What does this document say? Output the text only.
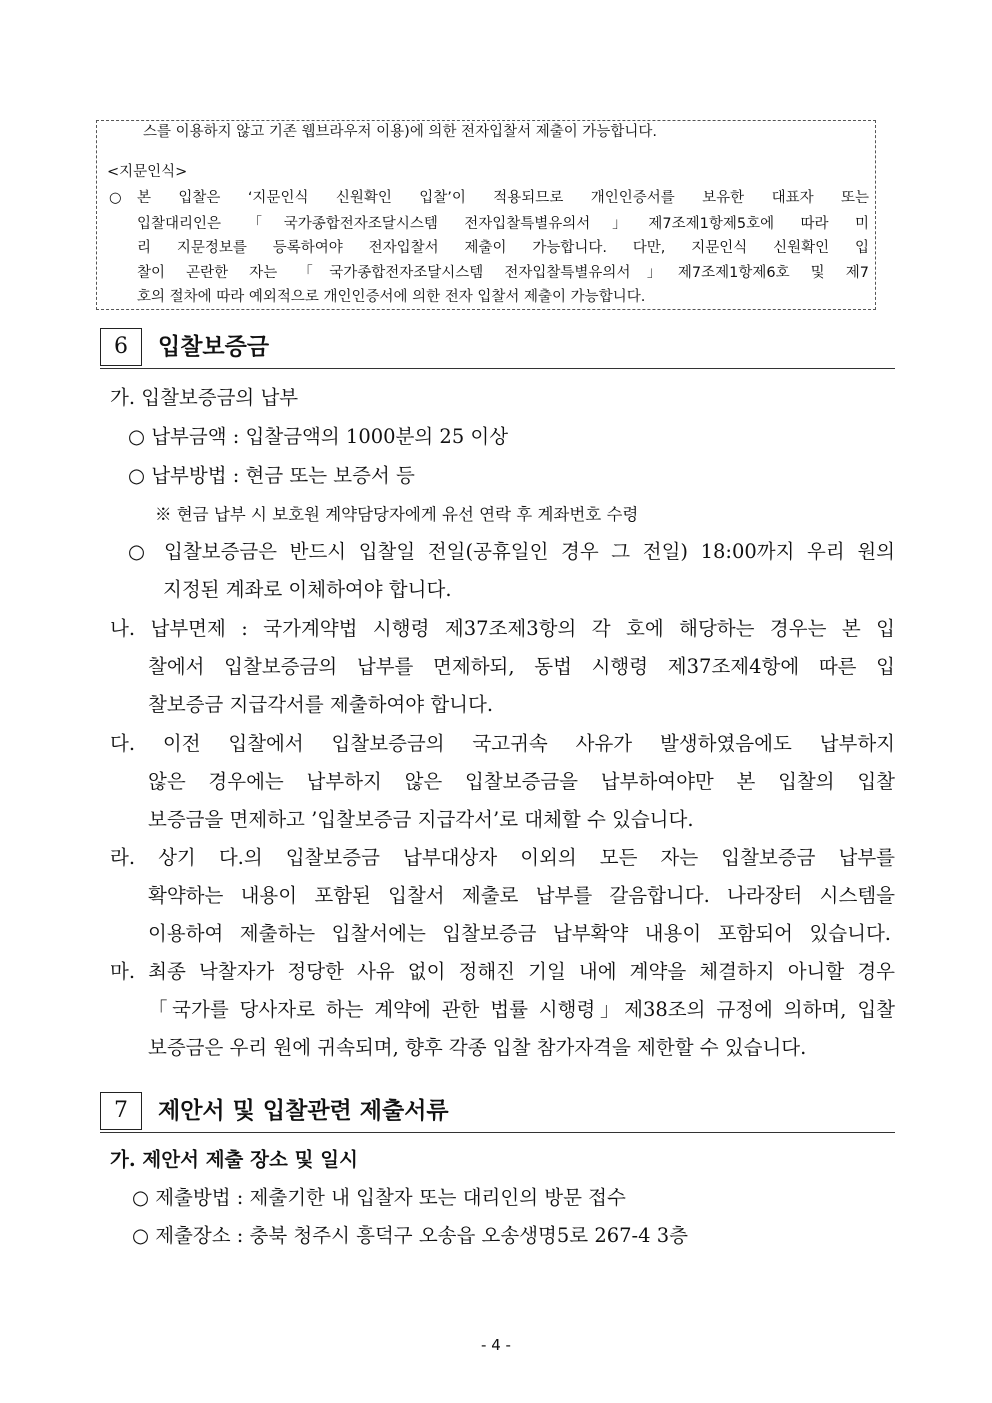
스를 이용하지 않고 기존 웹브라우저 이용)에 의한 전자입찰서 제출이 가능합니다.
<지문인식>
○ 본 입찰은 ‘지문인식 신원확인 입찰’이 적용되므로 개인인증서를 보유한 대표자 또는
입찰대리인은 「국가종합전자조달시스템 전자입찰특별유의서」제7조제1항제5호에 따라 미
리 지문정보를 등록하여야 전자입찰서 제출이 가능합니다. 다만, 지문인식 신원확인 입
찰이 곤란한 자는 「국가종합전자조달시스템 전자입찰특별유의서」제7조제1항제6호 및 제7
호의 절차에 따라 예외적으로 개인인증서에 의한 전자 입찰서 제출이 가능합니다.
6	입찰보증금
가. 입찰보증금의 납부
○ 납부금액 : 입찰금액의 1000분의 25 이상
○ 납부방법 : 현금 또는 보증서 등
※ 현금 납부 시 보호원 계약담당자에게 유선 연락 후 계좌번호 수령
○ 입찰보증금은 반드시 입찰일 전일(공휴일인 경우 그 전일) 18:00까지 우리 원의
지정된 계좌로 이체하여야 합니다.
나. 납부면제 : 국가계약법 시행령 제37조제3항의 각 호에 해당하는 경우는 본 입
찰에서 입찰보증금의 납부를 면제하되, 동법 시행령 제37조제4항에 따른 입
찰보증금 지급각서를 제출하여야 합니다.
다. 이전 입찰에서 입찰보증금의 국고귀속 사유가 발생하였음에도 납부하지
않은 경우에는 납부하지 않은 입찰보증금을 납부하여야만 본 입찰의 입찰
보증금을 면제하고 ’입찰보증금 지급각서’로 대체할 수 있습니다.
라. 상기 다.의 입찰보증금 납부대상자 이외의 모든 자는 입찰보증금 납부를
확약하는 내용이 포함된 입찰서 제출로 납부를 갈음합니다. 나라장터 시스템을
이용하여 제출하는 입찰서에는 입찰보증금 납부확약 내용이 포함되어 있습니다.
마. 최종 낙찰자가 정당한 사유 없이 정해진 기일 내에 계약을 체결하지 아니할 경우
「국가를 당사자로 하는 계약에 관한 법률 시행령」제38조의 규정에 의하며, 입찰
보증금은 우리 원에 귀속되며, 향후 각종 입찰 참가자격을 제한할 수 있습니다.
7	제안서 및 입찰관련 제출서류
가. 제안서 제출 장소 및 일시
○ 제출방법 : 제출기한 내 입찰자 또는 대리인의 방문 접수
○ 제출장소 : 충북 청주시 흥덕구 오송읍 오송생명5로 267-4 3층
- 4 -
